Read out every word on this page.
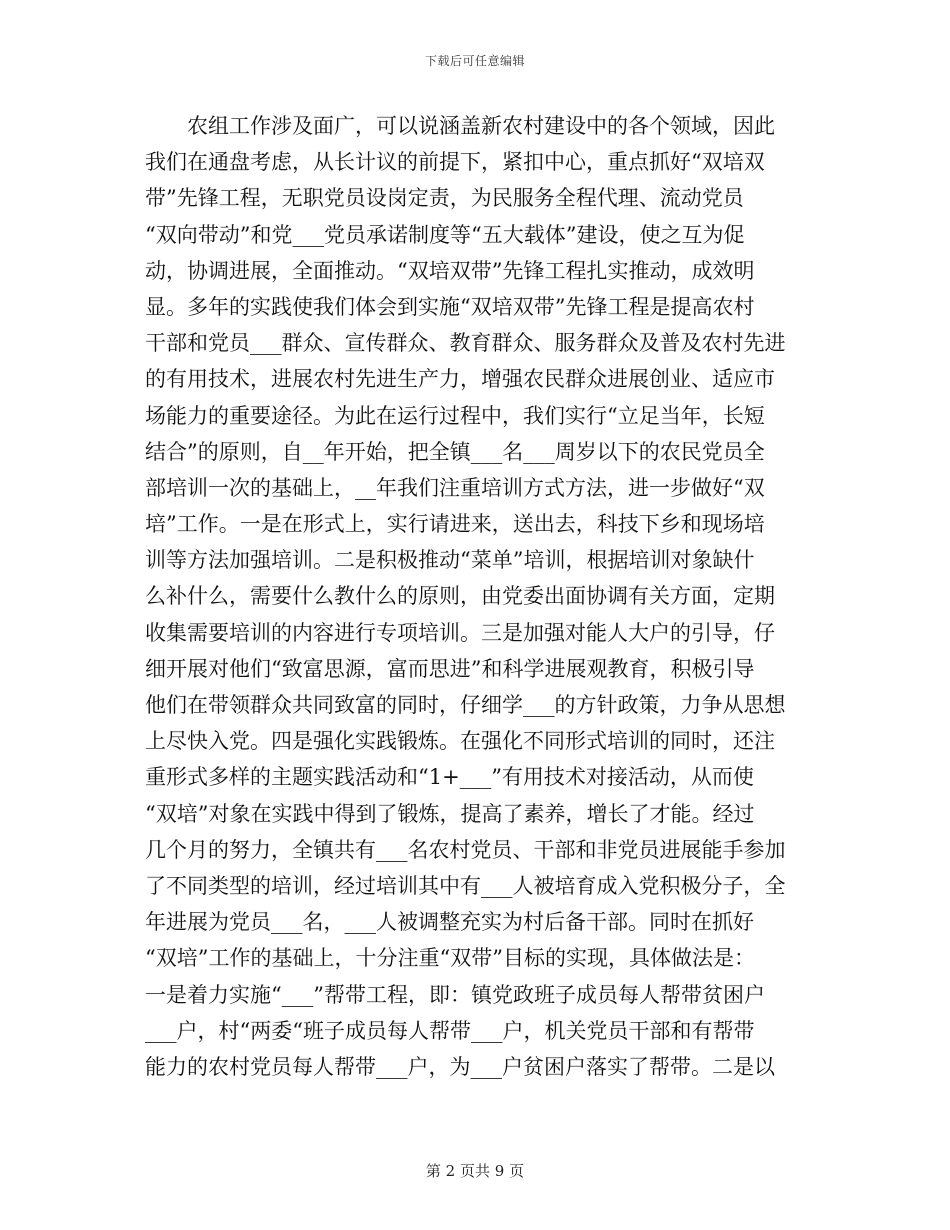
下载后可任意编辑
农组工作涉及面广，可以说涵盖新农村建设中的各个领域，因此
我们在通盘考虑，从长计议的前提下，紧扣中心，重点抓好“双培双
带”先锋工程，无职党员设岗定责，为民服务全程代理、流动党员
“双向带动”和党___党员承诺制度等“五大载体”建设，使之互为促
动，协调进展，全面推动。“双培双带”先锋工程扎实推动，成效明
显。多年的实践使我们体会到实施“双培双带”先锋工程是提高农村
干部和党员___群众、宣传群众、教育群众、服务群众及普及农村先进
的有用技术，进展农村先进生产力，增强农民群众进展创业、适应市
场能力的重要途径。为此在运行过程中，我们实行“立足当年，长短
结合”的原则，自__年开始，把全镇___名___周岁以下的农民党员全
部培训一次的基础上，__年我们注重培训方式方法，进一步做好“双
培”工作。一是在形式上，实行请进来，送出去，科技下乡和现场培
训等方法加强培训。二是积极推动“菜单”培训，根据培训对象缺什
么补什么，需要什么教什么的原则，由党委出面协调有关方面，定期
收集需要培训的内容进行专项培训。三是加强对能人大户的引导，仔
细开展对他们“致富思源，富而思进”和科学进展观教育，积极引导
他们在带领群众共同致富的同时，仔细学___的方针政策，力争从思想
上尽快入党。四是强化实践锻炼。在强化不同形式培训的同时，还注
重形式多样的主题实践活动和“1+___”有用技术对接活动，从而使
“双培”对象在实践中得到了锻炼，提高了素养，增长了才能。经过
几个月的努力，全镇共有___名农村党员、干部和非党员进展能手参加
了不同类型的培训，经过培训其中有___人被培育成入党积极分子，全
年进展为党员___名，___人被调整充实为村后备干部。同时在抓好
“双培”工作的基础上，十分注重“双带”目标的实现，具体做法是：
一是着力实施“___”帮带工程，即：镇党政班子成员每人帮带贫困户
___户，村“两委“班子成员每人帮带___户，机关党员干部和有帮带
能力的农村党员每人帮带___户，为___户贫困户落实了帮带。二是以
第 2 页共 9 页
